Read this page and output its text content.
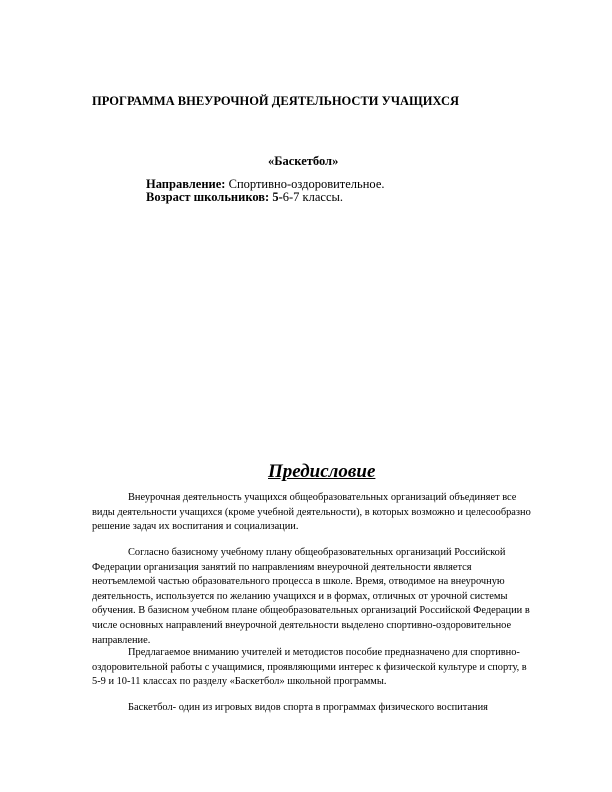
ПРОГРАММА ВНЕУРОЧНОЙ ДЕЯТЕЛЬНОСТИ УЧАЩИХСЯ
«Баскетбол»
Направление: Спортивно-оздоровительное.
Возраст школьников: 5-6-7 классы.
Предисловие
Внеурочная деятельность учащихся общеобразовательных организаций объединяет все виды деятельности учащихся (кроме учебной деятельности), в которых возможно и целесообразно решение задач их воспитания и социализации.
Согласно базисному учебному плану общеобразовательных организаций Российской Федерации организация занятий по направлениям внеурочной деятельности является неотъемлемой частью образовательного процесса в школе. Время, отводимое на внеурочную деятельность, используется по желанию учащихся и в формах, отличных от урочной системы обучения. В базисном учебном плане общеобразовательных организаций Российской Федерации в числе основных направлений внеурочной деятельности выделено спортивно-оздоровительное направление.
Предлагаемое вниманию учителей и методистов пособие предназначено для спортивно-оздоровительной работы с учащимися, проявляющими интерес к физической культуре и спорту, в 5-9 и 10-11 классах по разделу «Баскетбол» школьной программы.
Баскетбол- один из игровых видов спорта в программах физического воспитания
